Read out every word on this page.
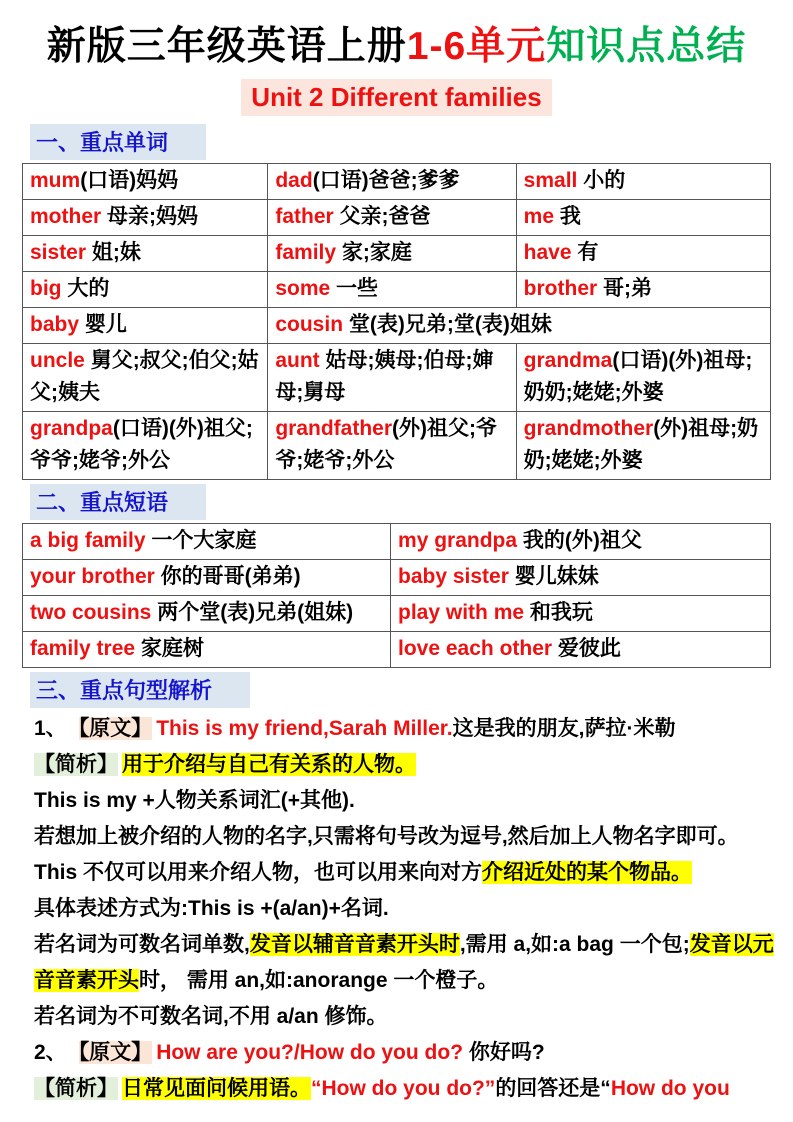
新版三年级英语上册1-6单元知识点总结
Unit 2 Different families
一、重点单词
mum(口语)妈妈	dad(口语)爸爸;爹爹	small 小的
mother 母亲;妈妈	father 父亲;爸爸	me 我
sister 姐;妹	family 家;家庭	have 有
big 大的	some 一些	brother 哥;弟
baby 婴儿	cousin 堂(表)兄弟;堂(表)姐妹	
uncle 舅父;叔父;伯父;姑父;姨夫	aunt 姑母;姨母;伯母;婶母;舅母	grandma(口语)(外)祖母;奶奶;姥姥;外婆
grandpa(口语)(外)祖父;爷爷;姥爷;外公	grandfather(外)祖父;爷爷;姥爷;外公	grandmother(外)祖母;奶奶;姥姥;外婆
二、重点短语
a big family 一个大家庭	my grandpa 我的(外)祖父
your brother 你的哥哥(弟弟)	baby sister 婴儿妹妹
two cousins 两个堂(表)兄弟(姐妹)	play with me 和我玩
family tree 家庭树	love each other 爱彼此
三、重点句型解析

1、 【原文】 This is my friend,Sarah Miller.这是我的朋友,萨拉·米勒

【简析】 用于介绍与自己有关系的人物。

This is my +人物关系词汇(+其他).

若想加上被介绍的人物的名字,只需将句号改为逗号,然后加上人物名字即可。

This 不仅可以用来介绍人物，也可以用来向对方介绍近处的某个物品。

具体表述方式为:This is +(a/an)+名词.

若名词为可数名词单数,发音以辅音音素开头时,需用 a,如:a bag 一个包;发音以元音音素开头时， 需用 an,如:anorange 一个橙子。

若名词为不可数名词,不用 a/an 修饰。

2、 【原文】 How are you?/How do you do? 你好吗?

【简析】 日常见面问候用语。“How do you do?”的回答还是“How do you
